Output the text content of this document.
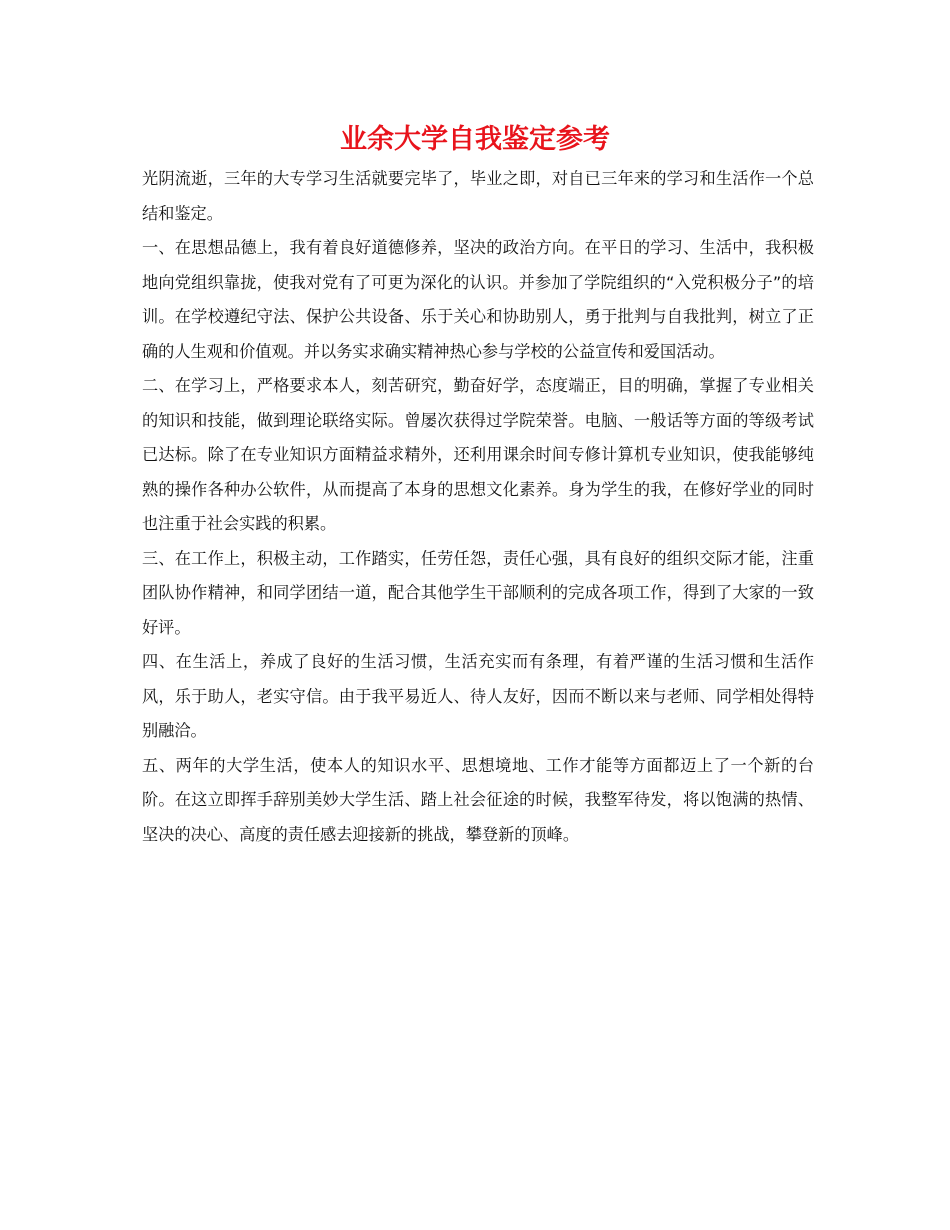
业余大学自我鉴定参考

光阴流逝，三年的大专学习生活就要完毕了，毕业之即，对自已三年来的学习和生活作一个总结和鉴定。

一、在思想品德上，我有着良好道德修养，坚决的政治方向。在平日的学习、生活中，我积极地向党组织靠拢，使我对党有了可更为深化的认识。并参加了学院组织的“入党积极分子”的培训。在学校遵纪守法、保护公共设备、乐于关心和协助别人，勇于批判与自我批判，树立了正确的人生观和价值观。并以务实求确实精神热心参与学校的公益宣传和爱国活动。

二、在学习上，严格要求本人，刻苦研究，勤奋好学，态度端正，目的明确，掌握了专业相关的知识和技能，做到理论联络实际。曾屡次获得过学院荣誉。电脑、一般话等方面的等级考试已达标。除了在专业知识方面精益求精外，还利用课余时间专修计算机专业知识，使我能够纯熟的操作各种办公软件，从而提高了本身的思想文化素养。身为学生的我，在修好学业的同时也注重于社会实践的积累。

三、在工作上，积极主动，工作踏实，任劳任怨，责任心强，具有良好的组织交际才能，注重团队协作精神，和同学团结一道，配合其他学生干部顺利的完成各项工作，得到了大家的一致好评。

四、在生活上，养成了良好的生活习惯，生活充实而有条理，有着严谨的生活习惯和生活作风，乐于助人，老实守信。由于我平易近人、待人友好，因而不断以来与老师、同学相处得特别融洽。

五、两年的大学生活，使本人的知识水平、思想境地、工作才能等方面都迈上了一个新的台阶。在这立即挥手辞别美妙大学生活、踏上社会征途的时候，我整军待发，将以饱满的热情、坚决的决心、高度的责任感去迎接新的挑战，攀登新的顶峰。
